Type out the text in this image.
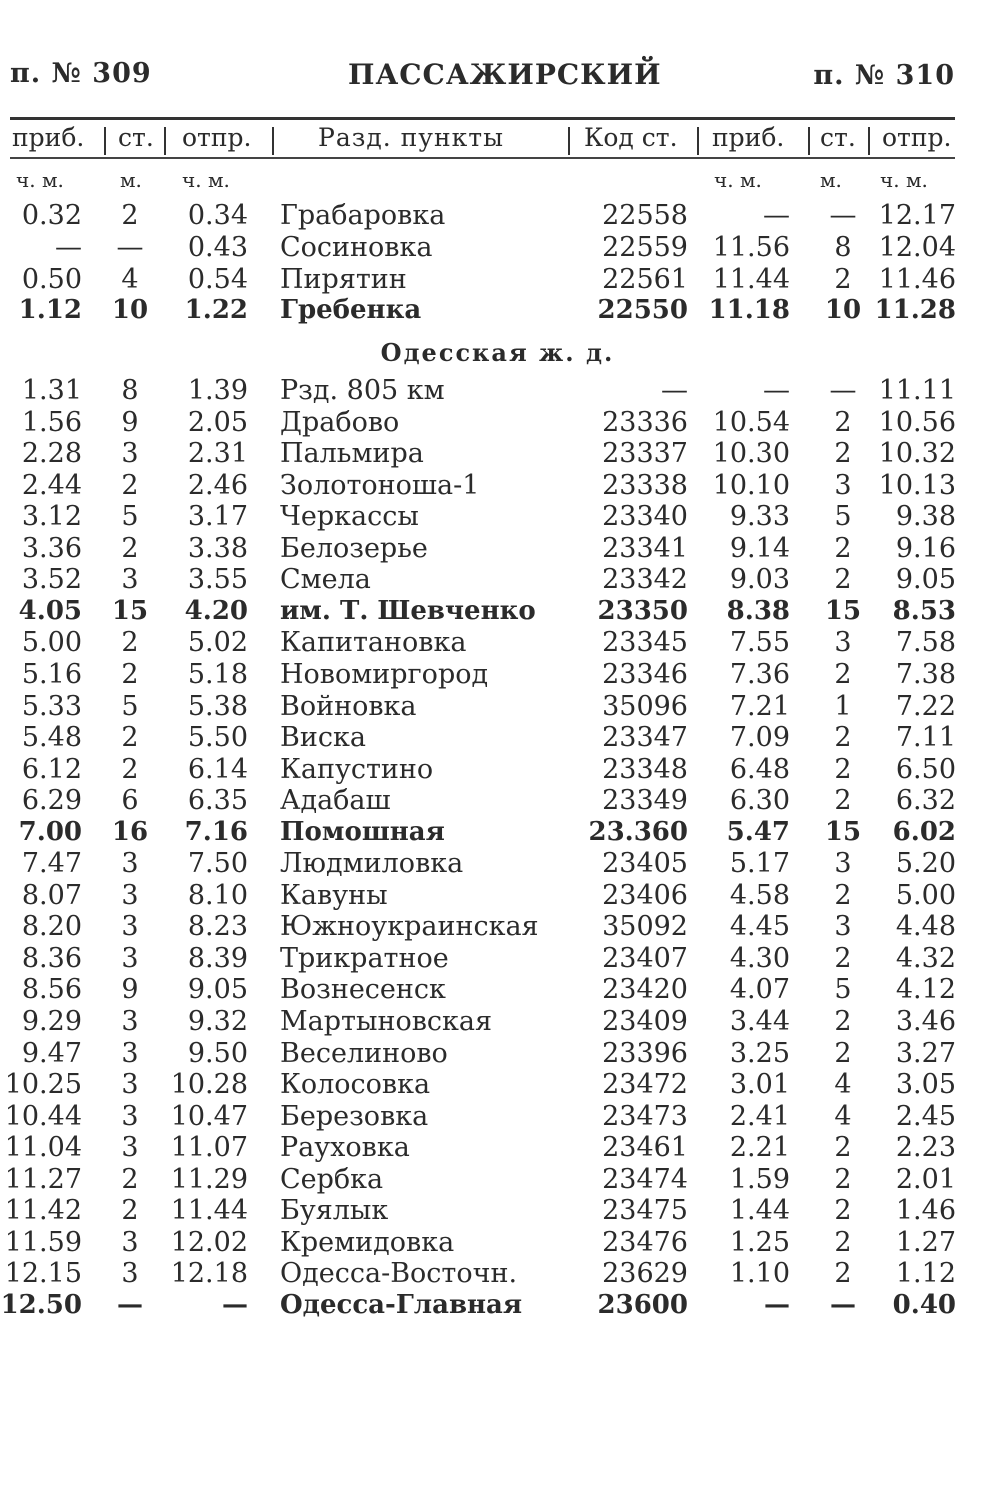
п. № 309	ПАССАЖИРСКИЙ	п. № 310
приб. ст. отпр.	Разд. пункты	Код ст. приб. ст. отпр.
ч. м.	м. ч. м.	ч. м.	м. ч. м.
Одесская ж. д.
0.32	2	0.34 Грабаровка	22558	—	— 12.17
— —	0.43 Сосиновка	22559 11.56	8	12.04
0.50	4	0.54 Пирятин	22561 11.44	2	11.46
1.12 10	1.22 Гребенка	22550 11.18 10 11.28
1.31	8	1.39 Рзд. 805 км	—	—	— 11.11
1.56	9	2.05 Драбово	23336 10.54	2	10.56
2.28	3	2.31 Пальмира	23337 10.30	2	10.32
2.44	2	2.46 Золотоноша-1	23338 10.10	3	10.13
3.12	5	3.17 Черкассы	23340	9.33	5	9.38
3.36	2	3.38 Белозерье	23341	9.14	2	9.16
3.52	3	3.55 Смела	23342	9.03	2	9.05
4.05 15	4.20 им. Т. Шевченко	23350	8.38 15	8.53
5.00	2	5.02 Капитановка	23345	7.55	3	7.58
5.16	2	5.18 Новомиргород	23346	7.36	2	7.38
5.33	5	5.38 Войновка	35096	7.21	1	7.22
5.48	2	5.50 Виска	23347	7.09	2	7.11
6.12	2	6.14 Капустино	23348	6.48	2	6.50
6.29	6	6.35 Адабаш	23349	6.30	2	6.32
7.00 16	7.16 Помошная	23.360	5.47 15	6.02
7.47	3	7.50 Людмиловка	23405	5.17	3	5.20
8.07	3	8.10 Кавуны	23406	4.58	2	5.00
8.20	3	8.23 Южноукраинская	35092	4.45	3	4.48
8.36	3	8.39 Трикратное	23407	4.30	2	4.32
8.56	9	9.05 Вознесенск	23420	4.07	5	4.12
9.29	3	9.32 Мартыновская	23409	3.44	2	3.46
9.47	3	9.50 Веселиново	23396	3.25	2	3.27
10.25	3	10.28 Колосовка	23472	3.01	4	3.05
10.44	3	10.47 Березовка	23473	2.41	4	2.45
11.04	3	11.07 Рауховка	23461	2.21	2	2.23
11.27	2	11.29 Сербка	23474	1.59	2	2.01
11.42	2	11.44 Буялык	23475	1.44	2	1.46
11.59	3	12.02 Кремидовка	23476	1.25	2	1.27
12.15	3	12.18 Одесса-Восточн.	23629	1.10	2	1.12
12.50 —	— Одесса-Главная	23600	—	—	0.40
